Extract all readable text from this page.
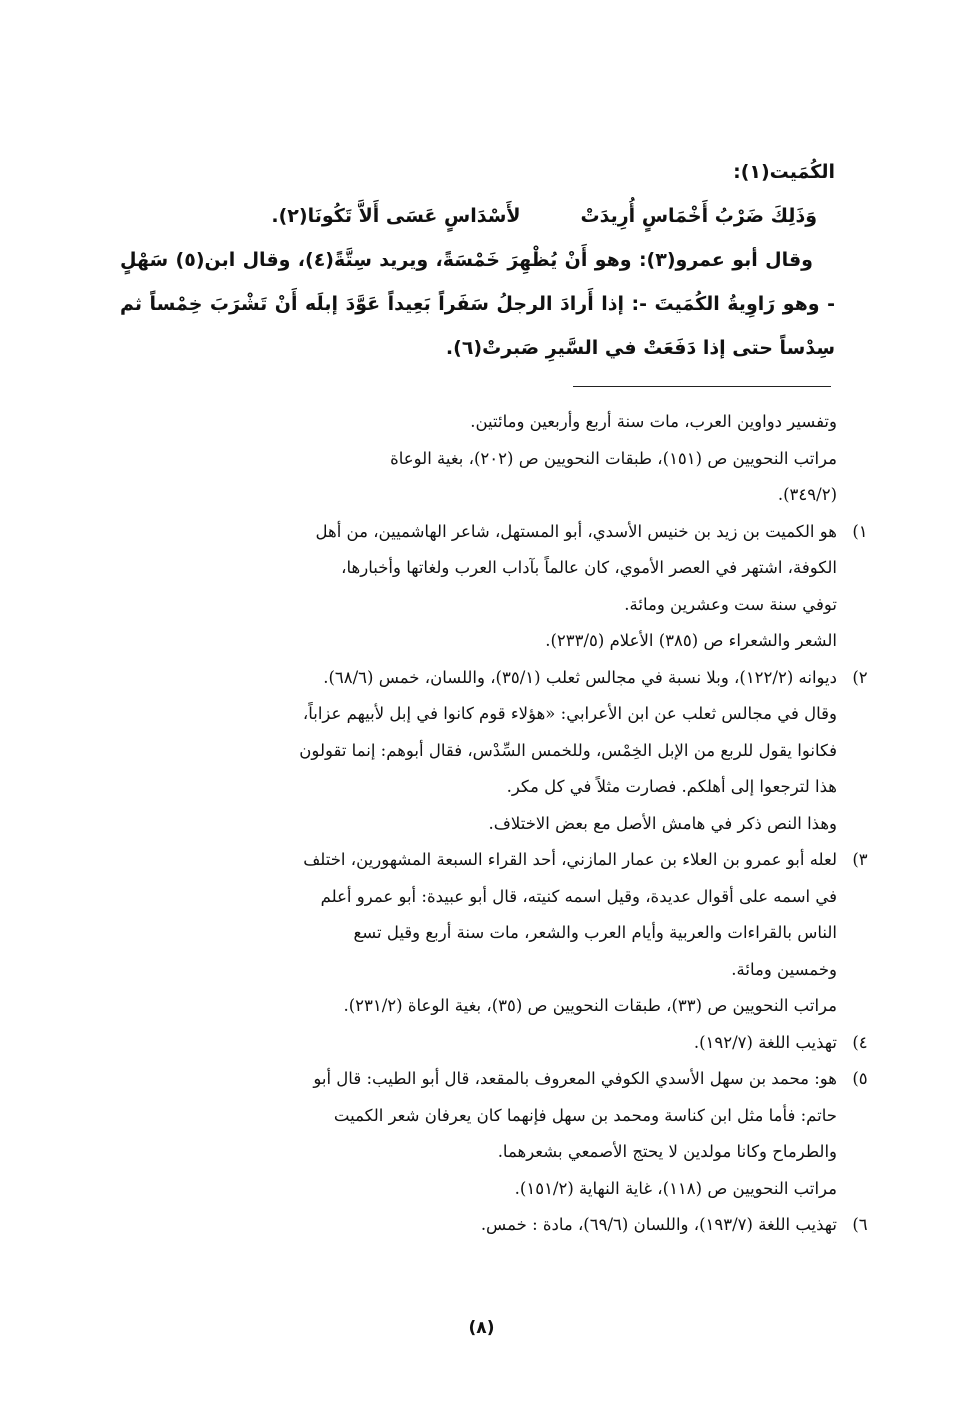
الكُمَيت(١):
وَذَلِكَ ضَرْبُ أَخْمَاسٍ أُرِيدَتْ
لأَسْدَاسٍ عَسَى أَلاَّ تَكُونَا(٢).
وقال أبو عمرو(٣): وهو أَنْ يُظْهِرَ خَمْسَةً، ويريد سِتَّةً(٤)، وقال ابن(٥) سَهْلٍ - وهو رَاوِيةُ الكُمَيتَ -: إذا أَرادَ الرجلُ سَفَراً بَعِيداً عَوَّدَ إبلَه أَنْ تَشْرَبَ خِمْساً ثم سِدْساً حتى إذا دَفَعَتْ في السَّيرِ صَبرتْ(٦).
وتفسير دواوين العرب، مات سنة أربع وأربعين ومائتين.
مراتب النحويين ص (١٥١)، طبقات النحويين ص (٢٠٢)، بغية الوعاة
(٣٤٩/٢).
١)
هو الكميت بن زيد بن خنيس الأسدي، أبو المستهل، شاعر الهاشميين، من أهل
الكوفة، اشتهر في العصر الأموي، كان عالماً بآداب العرب ولغاتها وأخبارها،
توفي سنة ست وعشرين ومائة.
الشعر والشعراء ص (٣٨٥) الأعلام (٢٣٣/٥).
٢)
ديوانه (١٢٢/٢)، وبلا نسبة في مجالس ثعلب (٣٥/١)، واللسان، خمس (٦٨/٦).
وقال في مجالس ثعلب عن ابن الأعرابي: «هؤلاء قوم كانوا في إبل لأبيهم عزاباً،
فكانوا يقول للربع من الإبل الخِمْس، وللخمس السِّدْس، فقال أبوهم: إنما تقولون
هذا لترجعوا إلى أهلكم. فصارت مثلاً في كل مكر.
وهذا النص ذكر في هامش الأصل مع بعض الاختلاف.
٣)
لعله أبو عمرو بن العلاء بن عمار المازني، أحد القراء السبعة المشهورين، اختلف
في اسمه على أقوال عديدة، وقيل اسمه كنيته، قال أبو عبيدة: أبو عمرو أعلم
الناس بالقراءات والعربية وأيام العرب والشعر، مات سنة أربع وقيل تسع
وخمسين ومائة.
مراتب النحويين ص (٣٣)، طبقات النحويين ص (٣٥)، بغية الوعاة (٢٣١/٢).
٤)
تهذيب اللغة (١٩٢/٧).
٥)
هو: محمد بن سهل الأسدي الكوفي المعروف بالمقعد، قال أبو الطيب: قال أبو
حاتم: فأما مثل ابن كناسة ومحمد بن سهل فإنهما كان يعرفان شعر الكميت
والطرماح وكانا مولدين لا يحتج الأصمعي بشعرهما.
مراتب النحويين ص (١١٨)، غاية النهاية (١٥١/٢).
٦)
تهذيب اللغة (١٩٣/٧)، واللسان (٦٩/٦)، مادة : خمس.
(٨)
